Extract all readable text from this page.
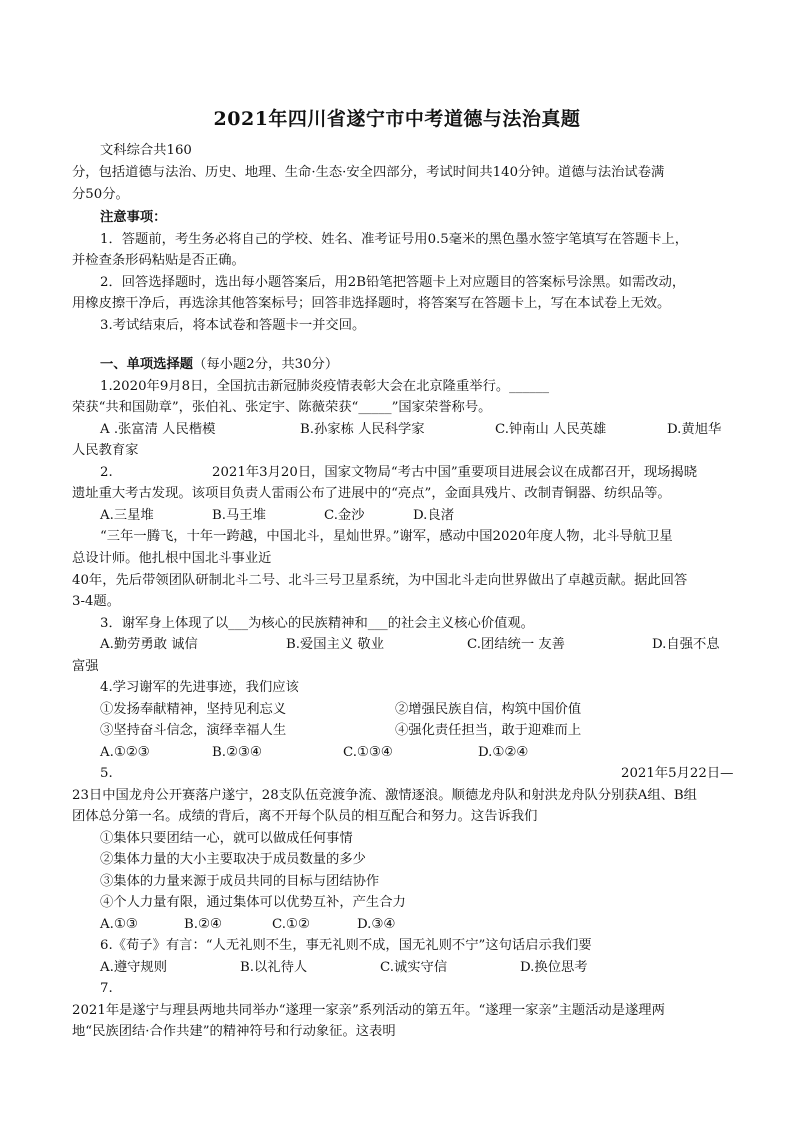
2021年四川省遂宁市中考道德与法治真题
文科综合共160
分，包括道德与法治、历史、地理、生命·生态·安全四部分，考试时间共140分钟。道德与法治试卷满
分50分。
注意事项：
1．答题前，考生务必将自己的学校、姓名、准考证号用0.5毫米的黑色墨水签字笔填写在答题卡上，
并检查条形码粘贴是否正确。
2．回答选择题时，选出每小题答案后，用2B铅笔把答题卡上对应题目的答案标号涂黑。如需改动，
用橡皮擦干净后，再选涂其他答案标号；回答非选择题时，将答案写在答题卡上，写在本试卷上无效。
3.考试结束后，将本试卷和答题卡一并交回。
一、单项选择题（每小题2分，共30分）
1.2020年9月8日，全国抗击新冠肺炎疫情表彰大会在北京隆重举行。______
荣获“共和国勋章”，张伯礼、张定宇、陈薇荣获“_____”国家荣誉称号。
A .张富清 人民楷模	B.孙家栋 人民科学家	C.钟南山 人民英雄	D.黄旭华
人民教育家
2.	2021年3月20日，国家文物局“考古中国”重要项目进展会议在成都召开，现场揭晓
遗址重大考古发现。该项目负责人雷雨公布了进展中的“亮点”，金面具残片、改制青铜器、纺织品等。
A.三星堆	B.马王堆	C.金沙	D.良渚
“三年一腾飞，十年一跨越，中国北斗，星灿世界。”谢军，感动中国2020年度人物，北斗导航卫星
总设计师。他扎根中国北斗事业近
40年，先后带领团队研制北斗二号、北斗三号卫星系统，为中国北斗走向世界做出了卓越贡献。据此回答
3-4题。
3．谢军身上体现了以___为核心的民族精神和___的社会主义核心价值观。
A.勤劳勇敢 诚信	B.爱国主义 敬业	C.团结统一 友善	D.自强不息
富强
4.学习谢军的先进事迹，我们应该
①发扬奉献精神，坚持见利忘义	②增强民族自信，构筑中国价值
③坚持奋斗信念，演绎幸福人生	④强化责任担当，敢于迎难而上
A.①②③	B.②③④	C.①③④	D.①②④
5.	2021年5月22日—
23日中国龙舟公开赛落户遂宁，28支队伍竞渡争流、激情逐浪。顺德龙舟队和射洪龙舟队分别获A组、B组
团体总分第一名。成绩的背后，离不开每个队员的相互配合和努力。这告诉我们
①集体只要团结一心，就可以做成任何事情
②集体力量的大小主要取决于成员数量的多少
③集体的力量来源于成员共同的目标与团结协作
④个人力量有限，通过集体可以优势互补，产生合力
A.①③	B.②④	C.①②	D.③④
6.《荀子》有言：“人无礼则不生，事无礼则不成，国无礼则不宁”这句话启示我们要
A.遵守规则	B.以礼待人	C.诚实守信	D.换位思考
7.
2021年是遂宁与理县两地共同举办“遂理一家亲”系列活动的第五年。“遂理一家亲”主题活动是遂理两
地“民族团结·合作共建”的精神符号和行动象征。这表明
